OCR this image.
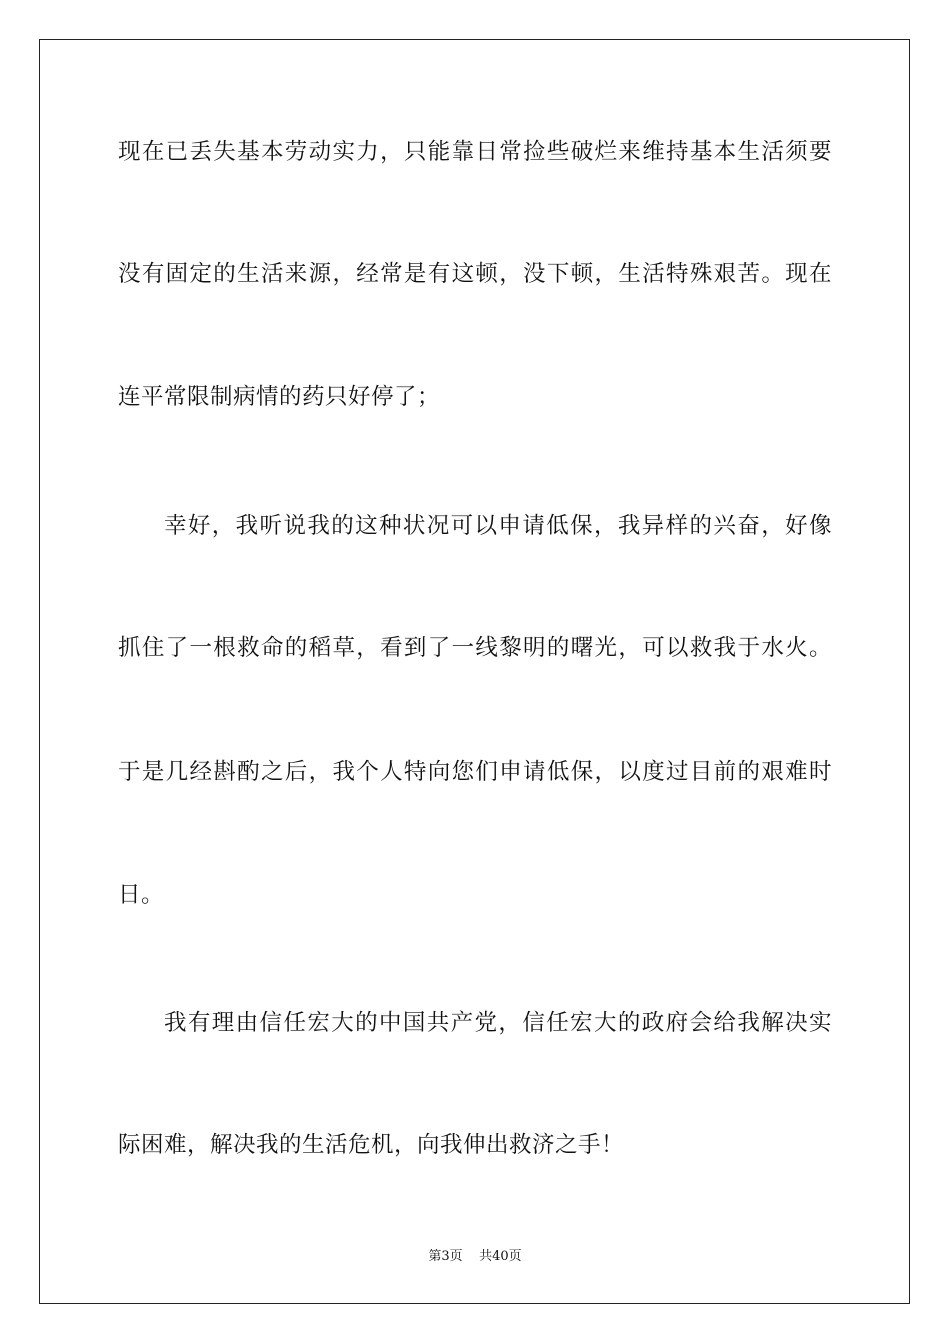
现在已丢失基本劳动实力，只能靠日常捡些破烂来维持基本生活须要
没有固定的生活来源，经常是有这顿，没下顿，生活特殊艰苦。现在
连平常限制病情的药只好停了；
幸好，我听说我的这种状况可以申请低保，我异样的兴奋，好像
抓住了一根救命的稻草，看到了一线黎明的曙光，可以救我于水火。
于是几经斟酌之后，我个人特向您们申请低保，以度过目前的艰难时
日。
我有理由信任宏大的中国共产党，信任宏大的政府会给我解决实
际困难，解决我的生活危机，向我伸出救济之手！
第3页 共40页
